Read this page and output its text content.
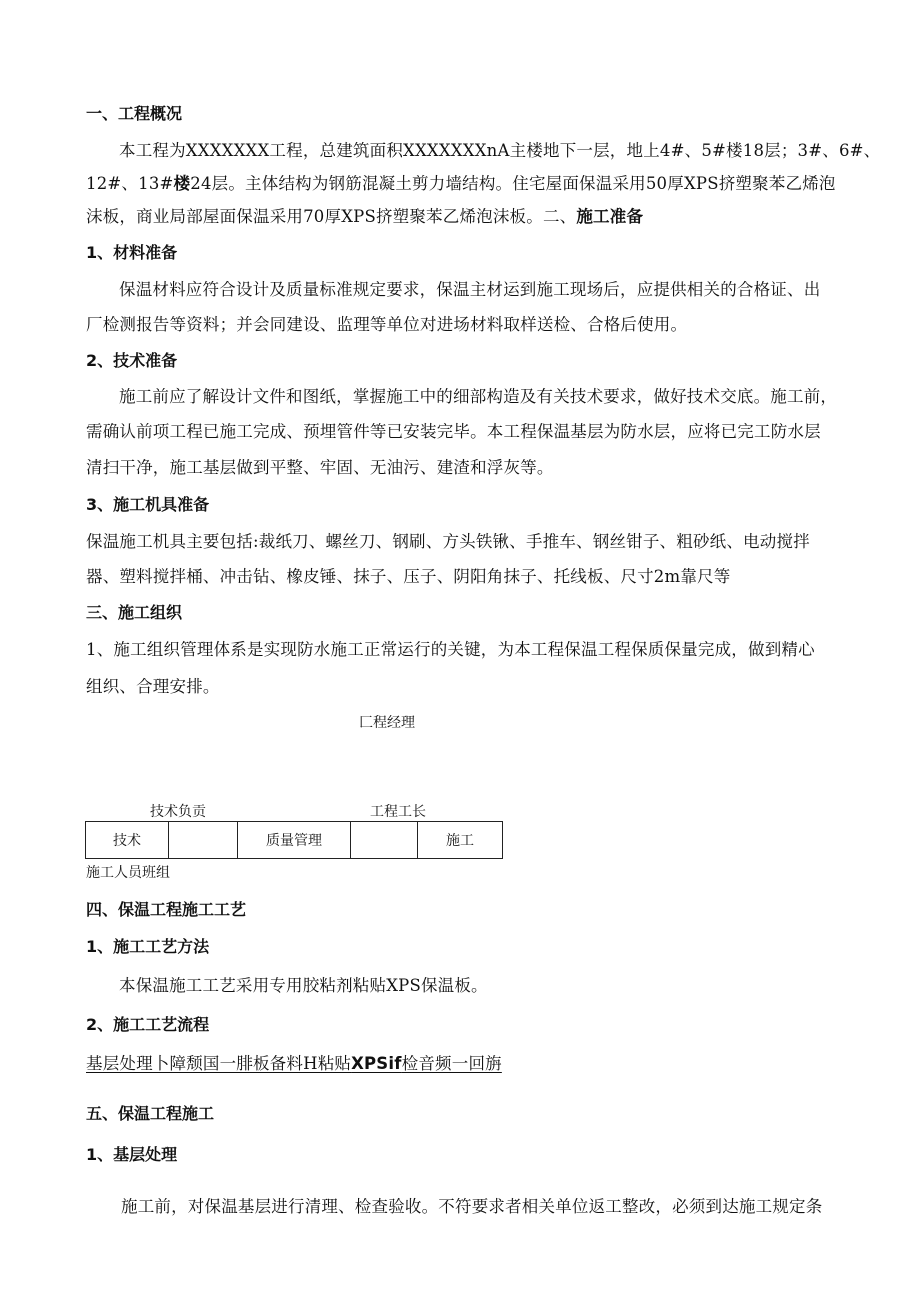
一、工程概况
本工程为XXXXXXX工程，总建筑面积XXXXXXXnA主楼地下一层，地上4#、5#楼18层；3#、6#、
12#、13#楼24层。主体结构为钢筋混凝土剪力墙结构。住宅屋面保温采用50厚XPS挤塑聚苯乙烯泡
沫板，商业局部屋面保温采用70厚XPS挤塑聚苯乙烯泡沫板。二、施工准备
1、材料准备
保温材料应符合设计及质量标准规定要求，保温主材运到施工现场后，应提供相关的合格证、出
厂检测报告等资料；并会同建设、监理等单位对进场材料取样送检、合格后使用。
2、技术准备
施工前应了解设计文件和图纸，掌握施工中的细部构造及有关技术要求，做好技术交底。施工前，
需确认前项工程已施工完成、预埋管件等已安装完毕。本工程保温基层为防水层，应将已完工防水层
清扫干净，施工基层做到平整、牢固、无油污、建渣和浮灰等。
3、施工机具准备
保温施工机具主要包括:裁纸刀、螺丝刀、钢刷、方头铁锹、手推车、钢丝钳子、粗砂纸、电动搅拌
器、塑料搅拌桶、冲击钻、橡皮锤、抹子、压子、阴阳角抹子、托线板、尺寸2m靠尺等
三、施工组织
1、施工组织管理体系是实现防水施工正常运行的关键，为本工程保温工程保质保量完成，做到精心
组织、合理安排。
匚程经理
技术负贡	工程工长
技术		质量管理		施工
施工人员班组
四、保温工程施工工艺
1、施工工艺方法
本保温施工工艺采用专用胶粘剂粘贴XPS保温板。
2、施工工艺流程
基层处理卜障颓国一腓板备料H粘贴XPSif检音频一回旃
五、保温工程施工
1、基层处理
施工前，对保温基层进行清理、检查验收。不符要求者相关单位返工整改，必须到达施工规定条
